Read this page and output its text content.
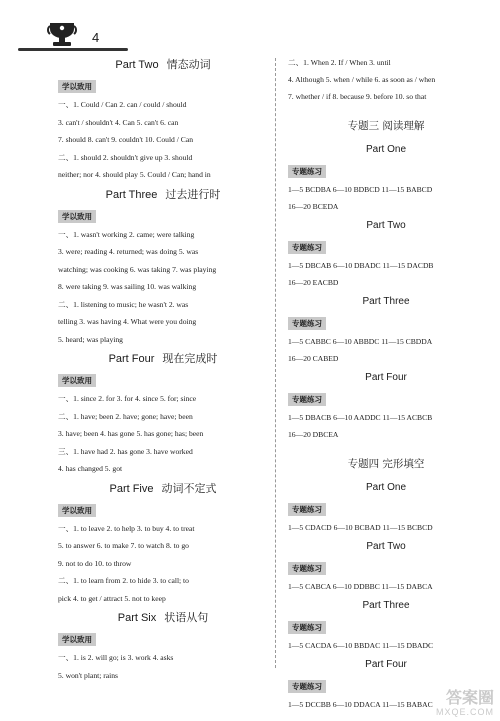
4
Part Two 情态动词
学以致用
一、1. Could / Can 2. can / could / should
3. can't / shouldn't 4. Can 5. can't 6. can
7. should 8. can't 9. couldn't 10. Could / Can
二、1. should 2. shouldn't give up 3. should
neither; nor 4. should play 5. Could / Can; hand in
Part Three 过去进行时
学以致用
一、1. wasn't working 2. came; were talking
3. were; reading 4. returned; was doing 5. was
watching; was cooking 6. was taking 7. was playing
8. were taking 9. was sailing 10. was walking
二、1. listening to music; he wasn't 2. was
telling 3. was having 4. What were you doing
5. heard; was playing
Part Four 现在完成时
学以致用
一、1. since 2. for 3. for 4. since 5. for; since
二、1. have; been 2. have; gone; have; been
3. have; been 4. has gone 5. has gone; has; been
三、1. have had 2. has gone 3. have worked
4. has changed 5. got
Part Five 动词不定式
学以致用
一、1. to leave 2. to help 3. to buy 4. to treat
5. to answer 6. to make 7. to watch 8. to go
9. not to do 10. to throw
二、1. to learn from 2. to hide 3. to call; to
pick 4. to get / attract 5. not to keep
Part Six 状语从句
学以致用
一、1. is 2. will go; is 3. work 4. asks
5. won't plant; rains
二、1. When 2. If / When 3. until
4. Although 5. when / while 6. as soon as / when
7. whether / if 8. because 9. before 10. so that
专题三 阅读理解
Part One
专题练习
1—5 BCDBA 6—10 BDBCD 11—15 BABCD
16—20 BCEDA
Part Two
专题练习
1—5 DBCAB 6—10 DBADC 11—15 DACDB
16—20 EACBD
Part Three
专题练习
1—5 CABBC 6—10 ABBDC 11—15 CBDDA
16—20 CABED
Part Four
专题练习
1—5 DBACB 6—10 AADDC 11—15 ACBCB
16—20 DBCEA
专题四 完形填空
Part One
专题练习
1—5 CDACD 6—10 BCBAD 11—15 BCBCD
Part Two
专题练习
1—5 CABCA 6—10 DDBBC 11—15 DABCA
Part Three
专题练习
1—5 CACDA 6—10 BBDAC 11—15 DBADC
Part Four
专题练习
1—5 DCCBB 6—10 DDACA 11—15 BABAC 答案圈
MXQE.COM
